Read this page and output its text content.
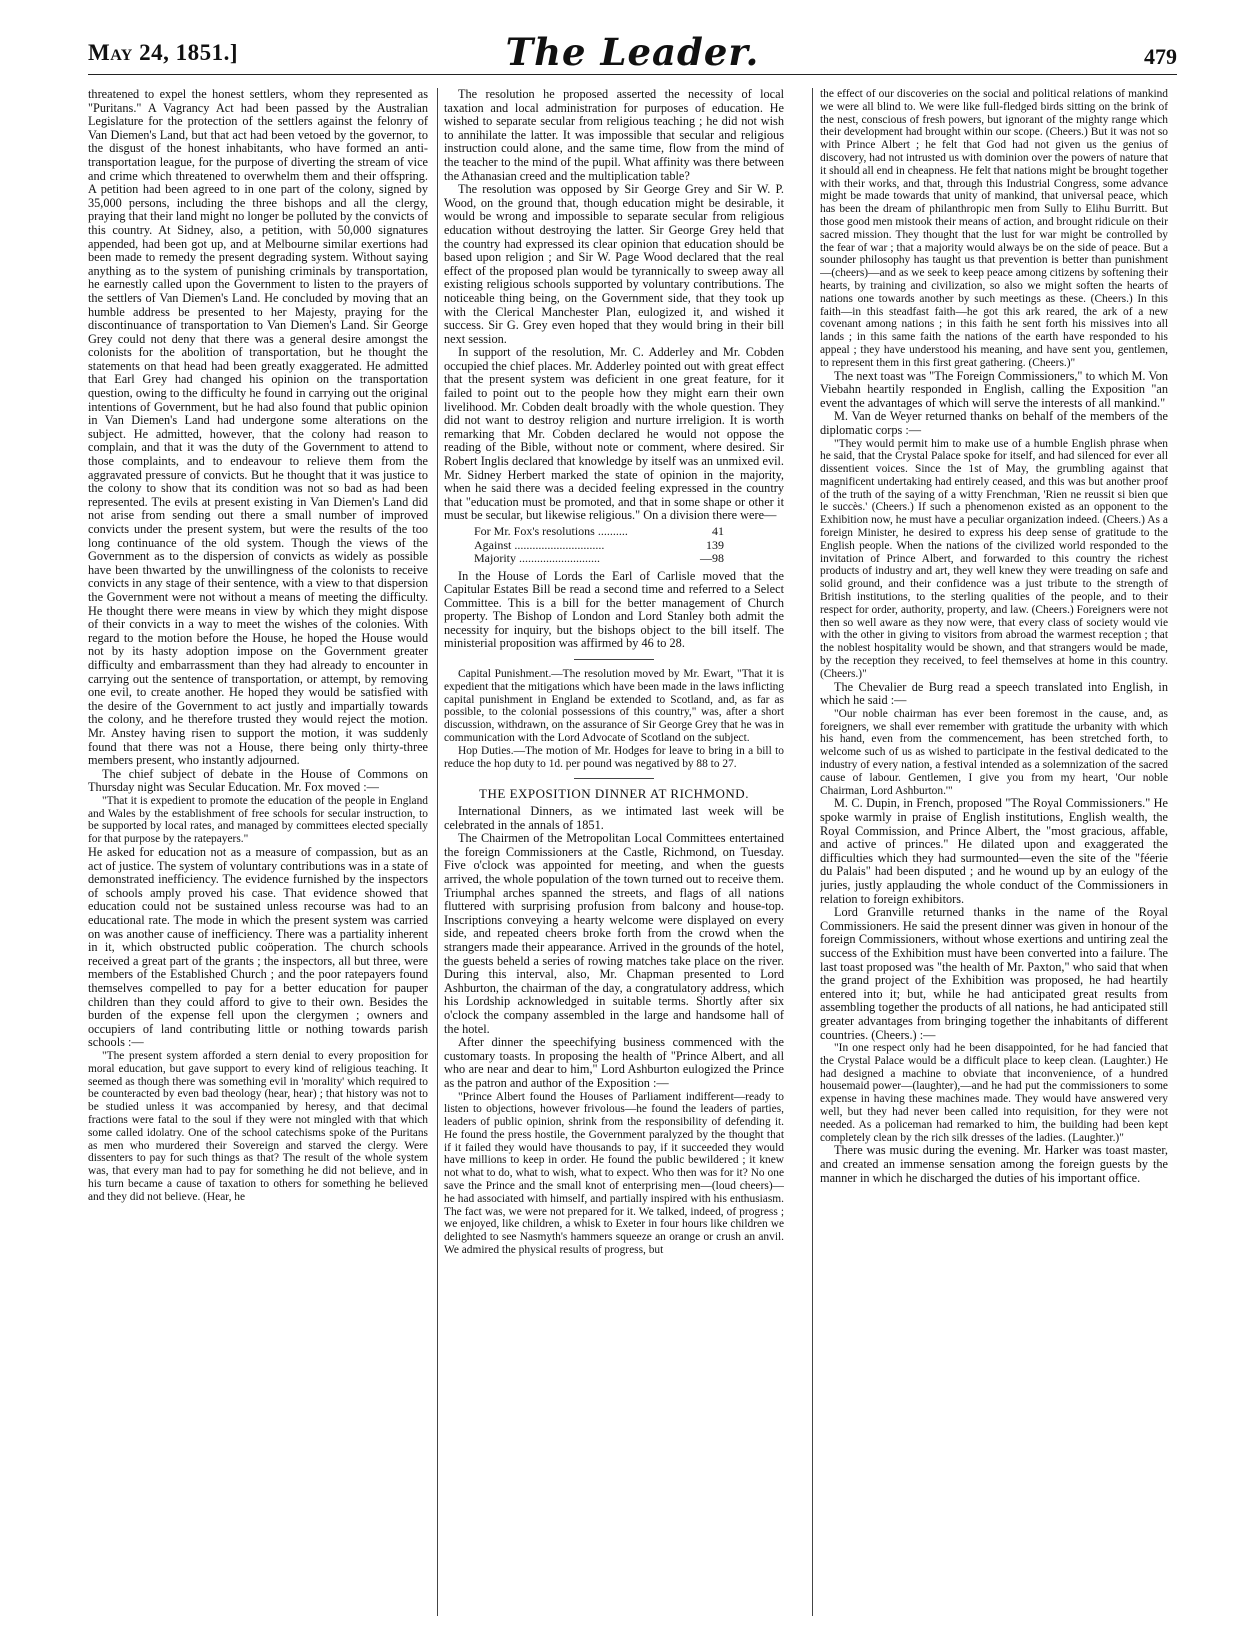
May 24, 1851.]	The Leader.	479

threatened to expel the honest settlers, whom they represented as "Puritans." A Vagrancy Act had been passed by the Australian Legislature for the protection of the settlers against the felonry of Van Diemen's Land, but that act had been vetoed by the governor, to the disgust of the honest inhabitants, who have formed an anti-transportation league, for the purpose of diverting the stream of vice and crime which threatened to overwhelm them and their offspring. A petition had been agreed to in one part of the colony, signed by 35,000 persons, including the three bishops and all the clergy, praying that their land might no longer be polluted by the convicts of this country. At Sidney, also, a petition, with 50,000 signatures appended, had been got up, and at Melbourne similar exertions had been made to remedy the present degrading system. Without saying anything as to the system of punishing criminals by transportation, he earnestly called upon the Government to listen to the prayers of the settlers of Van Diemen's Land. He concluded by moving that an humble address be presented to her Majesty, praying for the discontinuance of transportation to Van Diemen's Land. Sir George Grey could not deny that there was a general desire amongst the colonists for the abolition of transportation, but he thought the statements on that head had been greatly exaggerated. He admitted that Earl Grey had changed his opinion on the transportation question, owing to the difficulty he found in carrying out the original intentions of Government, but he had also found that public opinion in Van Diemen's Land had undergone some alterations on the subject. He admitted, however, that the colony had reason to complain, and that it was the duty of the Government to attend to those complaints, and to endeavour to relieve them from the aggravated pressure of convicts. But he thought that it was justice to the colony to show that its condition was not so bad as had been represented. The evils at present existing in Van Diemen's Land did not arise from sending out there a small number of improved convicts under the present system, but were the results of the too long continuance of the old system. Though the views of the Government as to the dispersion of convicts as widely as possible have been thwarted by the unwillingness of the colonists to receive convicts in any stage of their sentence, with a view to that dispersion the Government were not without a means of meeting the difficulty. He thought there were means in view by which they might dispose of their convicts in a way to meet the wishes of the colonies. With regard to the motion before the House, he hoped the House would not by its hasty adoption impose on the Government greater difficulty and embarrassment than they had already to encounter in carrying out the sentence of transportation, or attempt, by removing one evil, to create another. He hoped they would be satisfied with the desire of the Government to act justly and impartially towards the colony, and he therefore trusted they would reject the motion. Mr. Anstey having risen to support the motion, it was suddenly found that there was not a House, there being only thirty-three members present, who instantly adjourned.

The chief subject of debate in the House of Commons on Thursday night was Secular Education. Mr. Fox moved :—

"That it is expedient to promote the education of the people in England and Wales by the establishment of free schools for secular instruction, to be supported by local rates, and managed by committees elected specially for that purpose by the ratepayers."

He asked for education not as a measure of compassion, but as an act of justice. The system of voluntary contributions was in a state of demonstrated inefficiency. The evidence furnished by the inspectors of schools amply proved his case. That evidence showed that education could not be sustained unless recourse was had to an educational rate. The mode in which the present system was carried on was another cause of inefficiency. There was a partiality inherent in it, which obstructed public coöperation. The church schools received a great part of the grants ; the inspectors, all but three, were members of the Established Church ; and the poor ratepayers found themselves compelled to pay for a better education for pauper children than they could afford to give to their own. Besides the burden of the expense fell upon the clergymen ; owners and occupiers of land contributing little or nothing towards parish schools :—

"The present system afforded a stern denial to every proposition for moral education, but gave support to every kind of religious teaching. It seemed as though there was something evil in 'morality' which required to be counteracted by even bad theology (hear, hear) ; that history was not to be studied unless it was accompanied by heresy, and that decimal fractions were fatal to the soul if they were not mingled with that which some called idolatry. One of the school catechisms spoke of the Puritans as men who murdered their Sovereign and starved the clergy. Were dissenters to pay for such things as that? The result of the whole system was, that every man had to pay for something he did not believe, and in his turn became a cause of taxation to others for something he believed and they did not believe. (Hear, he

The resolution he proposed asserted the necessity of local taxation and local administration for purposes of education. He wished to separate secular from religious teaching ; he did not wish to annihilate the latter. It was impossible that secular and religious instruction could alone, and the same time, flow from the mind of the teacher to the mind of the pupil. What affinity was there between the Athanasian creed and the multiplication table?

The resolution was opposed by Sir George Grey and Sir W. P. Wood, on the ground that, though education might be desirable, it would be wrong and impossible to separate secular from religious education without destroying the latter. Sir George Grey held that the country had expressed its clear opinion that education should be based upon religion ; and Sir W. Page Wood declared that the real effect of the proposed plan would be tyrannically to sweep away all existing religious schools supported by voluntary contributions. The noticeable thing being, on the Government side, that they took up with the Clerical Manchester Plan, eulogized it, and wished it success. Sir G. Grey even hoped that they would bring in their bill next session.

In support of the resolution, Mr. C. Adderley and Mr. Cobden occupied the chief places. Mr. Adderley pointed out with great effect that the present system was deficient in one great feature, for it failed to point out to the people how they might earn their own livelihood. Mr. Cobden dealt broadly with the whole question. They did not want to destroy religion and nurture irreligion. It is worth remarking that Mr. Cobden declared he would not oppose the reading of the Bible, without note or comment, where desired. Sir Robert Inglis declared that knowledge by itself was an unmixed evil. Mr. Sidney Herbert marked the state of opinion in the majority, when he said there was a decided feeling expressed in the country that "education must be promoted, and that in some shape or other it must be secular, but likewise religious." On a division there were—

For Mr. Fox's resolutions ..........	41
Against ..............................	139
Majority ...........................	—98

In the House of Lords the Earl of Carlisle moved that the Capitular Estates Bill be read a second time and referred to a Select Committee. This is a bill for the better management of Church property. The Bishop of London and Lord Stanley both admit the necessity for inquiry, but the bishops object to the bill itself. The ministerial proposition was affirmed by 46 to 28.

Capital Punishment.—The resolution moved by Mr. Ewart, "That it is expedient that the mitigations which have been made in the laws inflicting capital punishment in England be extended to Scotland, and, as far as possible, to the colonial possessions of this country," was, after a short discussion, withdrawn, on the assurance of Sir George Grey that he was in communication with the Lord Advocate of Scotland on the subject.

Hop Duties.—The motion of Mr. Hodges for leave to bring in a bill to reduce the hop duty to 1d. per pound was negatived by 88 to 27.

THE EXPOSITION DINNER AT RICHMOND.

International Dinners, as we intimated last week will be celebrated in the annals of 1851.

The Chairmen of the Metropolitan Local Committees entertained the foreign Commissioners at the Castle, Richmond, on Tuesday. Five o'clock was appointed for meeting, and when the guests arrived, the whole population of the town turned out to receive them. Triumphal arches spanned the streets, and flags of all nations fluttered with surprising profusion from balcony and house-top. Inscriptions conveying a hearty welcome were displayed on every side, and repeated cheers broke forth from the crowd when the strangers made their appearance. Arrived in the grounds of the hotel, the guests beheld a series of rowing matches take place on the river. During this interval, also, Mr. Chapman presented to Lord Ashburton, the chairman of the day, a congratulatory address, which his Lordship acknowledged in suitable terms. Shortly after six o'clock the company assembled in the large and handsome hall of the hotel.

After dinner the speechifying business commenced with the customary toasts. In proposing the health of "Prince Albert, and all who are near and dear to him," Lord Ashburton eulogized the Prince as the patron and author of the Exposition :—

"Prince Albert found the Houses of Parliament indifferent—ready to listen to objections, however frivolous—he found the leaders of parties, leaders of public opinion, shrink from the responsibility of defending it. He found the press hostile, the Government paralyzed by the thought that if it failed they would have thousands to pay, if it succeeded they would have millions to keep in order. He found the public bewildered ; it knew not what to do, what to wish, what to expect. Who then was for it? No one save the Prince and the small knot of enterprising men—(loud cheers)—he had associated with himself, and partially inspired with his enthusiasm. The fact was, we were not prepared for it. We talked, indeed, of progress ; we enjoyed, like children, a whisk to Exeter in four hours like children we delighted to see Nasmyth's hammers squeeze an orange or crush an anvil. We admired the physical results of progress, but

the effect of our discoveries on the social and political relations of mankind we were all blind to. We were like full-fledged birds sitting on the brink of the nest, conscious of fresh powers, but ignorant of the mighty range which their development had brought within our scope. (Cheers.) But it was not so with Prince Albert ; he felt that God had not given us the genius of discovery, had not intrusted us with dominion over the powers of nature that it should all end in cheapness. He felt that nations might be brought together with their works, and that, through this Industrial Congress, some advance might be made towards that unity of mankind, that universal peace, which has been the dream of philanthropic men from Sully to Elihu Burritt. But those good men mistook their means of action, and brought ridicule on their sacred mission. They thought that the lust for war might be controlled by the fear of war ; that a majority would always be on the side of peace. But a sounder philosophy has taught us that prevention is better than punishment—(cheers)—and as we seek to keep peace among citizens by softening their hearts, by training and civilization, so also we might soften the hearts of nations one towards another by such meetings as these. (Cheers.) In this faith—in this steadfast faith—he got this ark reared, the ark of a new covenant among nations ; in this faith he sent forth his missives into all lands ; in this same faith the nations of the earth have responded to his appeal ; they have understood his meaning, and have sent you, gentlemen, to represent them in this first great gathering. (Cheers.)"

The next toast was "The Foreign Commissioners," to which M. Von Viebahn heartily responded in English, calling the Exposition "an event the advantages of which will serve the interests of all mankind."

M. Van de Weyer returned thanks on behalf of the members of the diplomatic corps :—

"They would permit him to make use of a humble English phrase when he said, that the Crystal Palace spoke for itself, and had silenced for ever all dissentient voices. Since the 1st of May, the grumbling against that magnificent undertaking had entirely ceased, and this was but another proof of the truth of the saying of a witty Frenchman, 'Rien ne reussit si bien que le succès.' (Cheers.) If such a phenomenon existed as an opponent to the Exhibition now, he must have a peculiar organization indeed. (Cheers.) As a foreign Minister, he desired to express his deep sense of gratitude to the English people. When the nations of the civilized world responded to the invitation of Prince Albert, and forwarded to this country the richest products of industry and art, they well knew they were treading on safe and solid ground, and their confidence was a just tribute to the strength of British institutions, to the sterling qualities of the people, and to their respect for order, authority, property, and law. (Cheers.) Foreigners were not then so well aware as they now were, that every class of society would vie with the other in giving to visitors from abroad the warmest reception ; that the noblest hospitality would be shown, and that strangers would be made, by the reception they received, to feel themselves at home in this country. (Cheers.)"

The Chevalier de Burg read a speech translated into English, in which he said :—

"Our noble chairman has ever been foremost in the cause, and, as foreigners, we shall ever remember with gratitude the urbanity with which his hand, even from the commencement, has been stretched forth, to welcome such of us as wished to participate in the festival dedicated to the industry of every nation, a festival intended as a solemnization of the sacred cause of labour. Gentlemen, I give you from my heart, 'Our noble Chairman, Lord Ashburton.'"

M. C. Dupin, in French, proposed "The Royal Commissioners." He spoke warmly in praise of English institutions, English wealth, the Royal Commission, and Prince Albert, the "most gracious, affable, and active of princes." He dilated upon and exaggerated the difficulties which they had surmounted—even the site of the "féerie du Palais" had been disputed ; and he wound up by an eulogy of the juries, justly applauding the whole conduct of the Commissioners in relation to foreign exhibitors.

Lord Granville returned thanks in the name of the Royal Commissioners. He said the present dinner was given in honour of the foreign Commissioners, without whose exertions and untiring zeal the success of the Exhibition must have been converted into a failure. The last toast proposed was "the health of Mr. Paxton," who said that when the grand project of the Exhibition was proposed, he had heartily entered into it; but, while he had anticipated great results from assembling together the products of all nations, he had anticipated still greater advantages from bringing together the inhabitants of different countries. (Cheers.) :—

"In one respect only had he been disappointed, for he had fancied that the Crystal Palace would be a difficult place to keep clean. (Laughter.) He had designed a machine to obviate that inconvenience, of a hundred housemaid power—(laughter),—and he had put the commissioners to some expense in having these machines made. They would have answered very well, but they had never been called into requisition, for they were not needed. As a policeman had remarked to him, the building had been kept completely clean by the rich silk dresses of the ladies. (Laughter.)"

There was music during the evening. Mr. Harker was toast master, and created an immense sensation among the foreign guests by the manner in which he discharged the duties of his important office.
